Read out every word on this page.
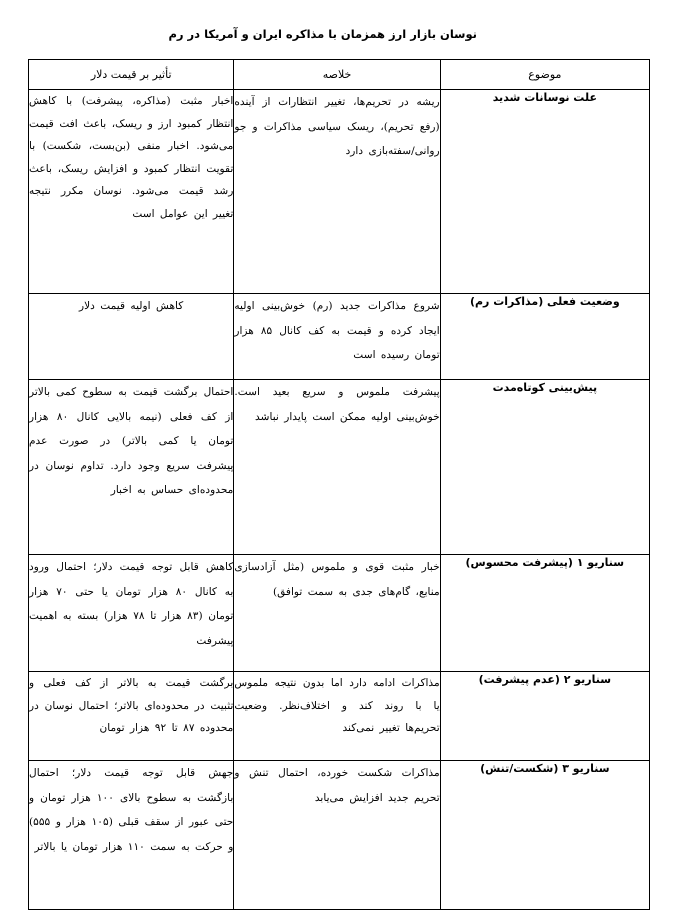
نوسان بازار ارز همزمان با مذاکره ایران و آمریکا در رم
موضوع	خلاصه	تأثیر بر قیمت دلار
علت نوسانات شدید	ریشه در تحریم‌ها، تغییر انتظارات از آینده (رفع تحریم)، ریسک سیاسی مذاکرات و جو روانی/سفته‌بازی دارد	اخبار مثبت (مذاکره، پیشرفت) با کاهش انتظار کمبود ارز و ریسک، باعث افت قیمت می‌شود. اخبار منفی (بن‌بست، شکست) با تقویت انتظار کمبود و افزایش ریسک، باعث رشد قیمت می‌شود. نوسان مکرر نتیجه تغییر این عوامل است
وضعیت فعلی (مذاکرات رم)	شروع مذاکرات جدید (رم) خوش‌بینی اولیه ایجاد کرده و قیمت به کف کانال ۸۵ هزار تومان رسیده است	کاهش اولیه قیمت دلار
پیش‌بینی کوتاه‌مدت	پیشرفت ملموس و سریع بعید است. خوش‌بینی اولیه ممکن است پایدار نباشد	احتمال برگشت قیمت به سطوح کمی بالاتر از کف فعلی (نیمه بالایی کانال ۸۰ هزار تومان یا کمی بالاتر) در صورت عدم پیشرفت سریع وجود دارد. تداوم نوسان در محدوده‌ای حساس به اخبار
سناریو ۱ (پیشرفت محسوس)	خبار مثبت قوی و ملموس (مثل آزادسازی منابع، گام‌های جدی به سمت توافق)	کاهش قابل توجه قیمت دلار؛ احتمال ورود به کانال ۸۰ هزار تومان یا حتی ۷۰ هزار تومان (۸۳ هزار تا ۷۸ هزار) بسته به اهمیت پیشرفت
سناریو ۲ (عدم پیشرفت)	مذاکرات ادامه دارد اما بدون نتیجه ملموس یا با روند کند و اختلاف‌نظر. وضعیت تحریم‌ها تغییر نمی‌کند	برگشت قیمت به بالاتر از کف فعلی و تثبیت در محدوده‌ای بالاتر؛ احتمال نوسان در محدوده ۸۷ تا ۹۲ هزار تومان
سناریو ۳ (شکست/تنش)	مذاکرات شکست خورده، احتمال تنش و تحریم جدید افزایش می‌یابد	جهش قابل توجه قیمت دلار؛ احتمال بازگشت به سطوح بالای ۱۰۰ هزار تومان و حتی عبور از سقف قبلی (۱۰۵ هزار و ۵۵۵) و حرکت به سمت ۱۱۰ هزار تومان یا بالاتر
